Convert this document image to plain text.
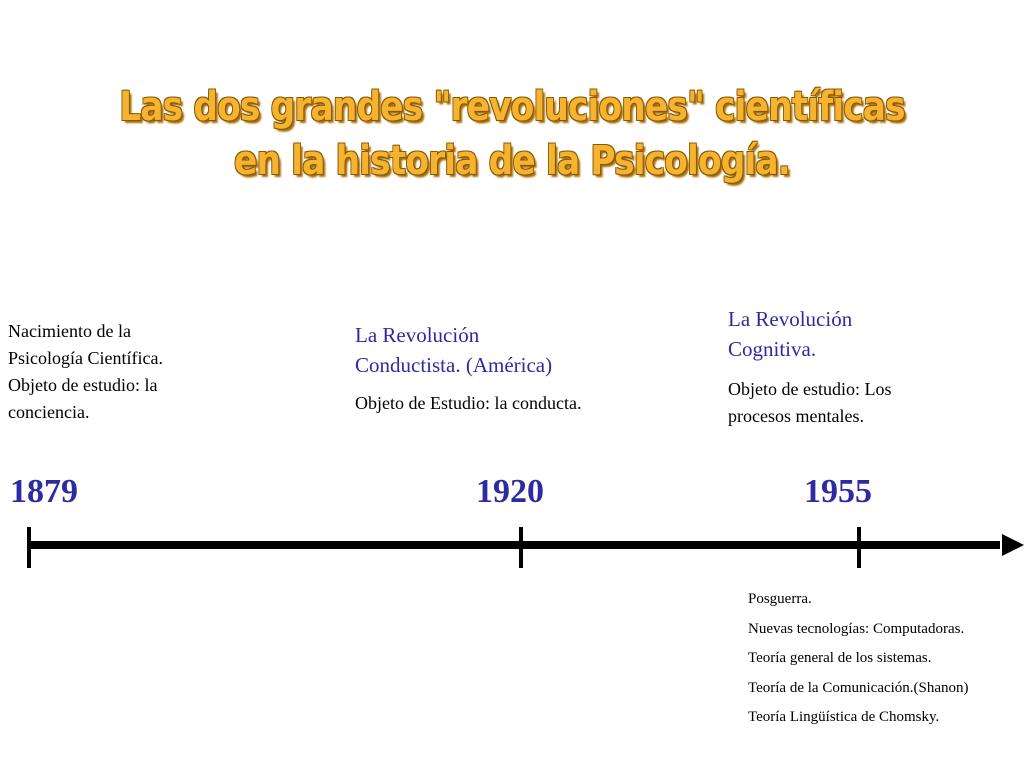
Las dos grandes "revoluciones" científicas
en la historia de la Psicología.
Nacimiento de la
Psicología Científica.
Objeto de estudio: la
conciencia.
La Revolución
Conductista. (América)
Objeto de Estudio: la conducta.
La Revolución
Cognitiva.
Objeto de estudio: Los
procesos mentales.
1879	1920	1955
Posguerra.
Nuevas tecnologías: Computadoras.
Teoría general de los sistemas.
Teoría de la Comunicación.(Shanon)
Teoría Lingüística de Chomsky.
